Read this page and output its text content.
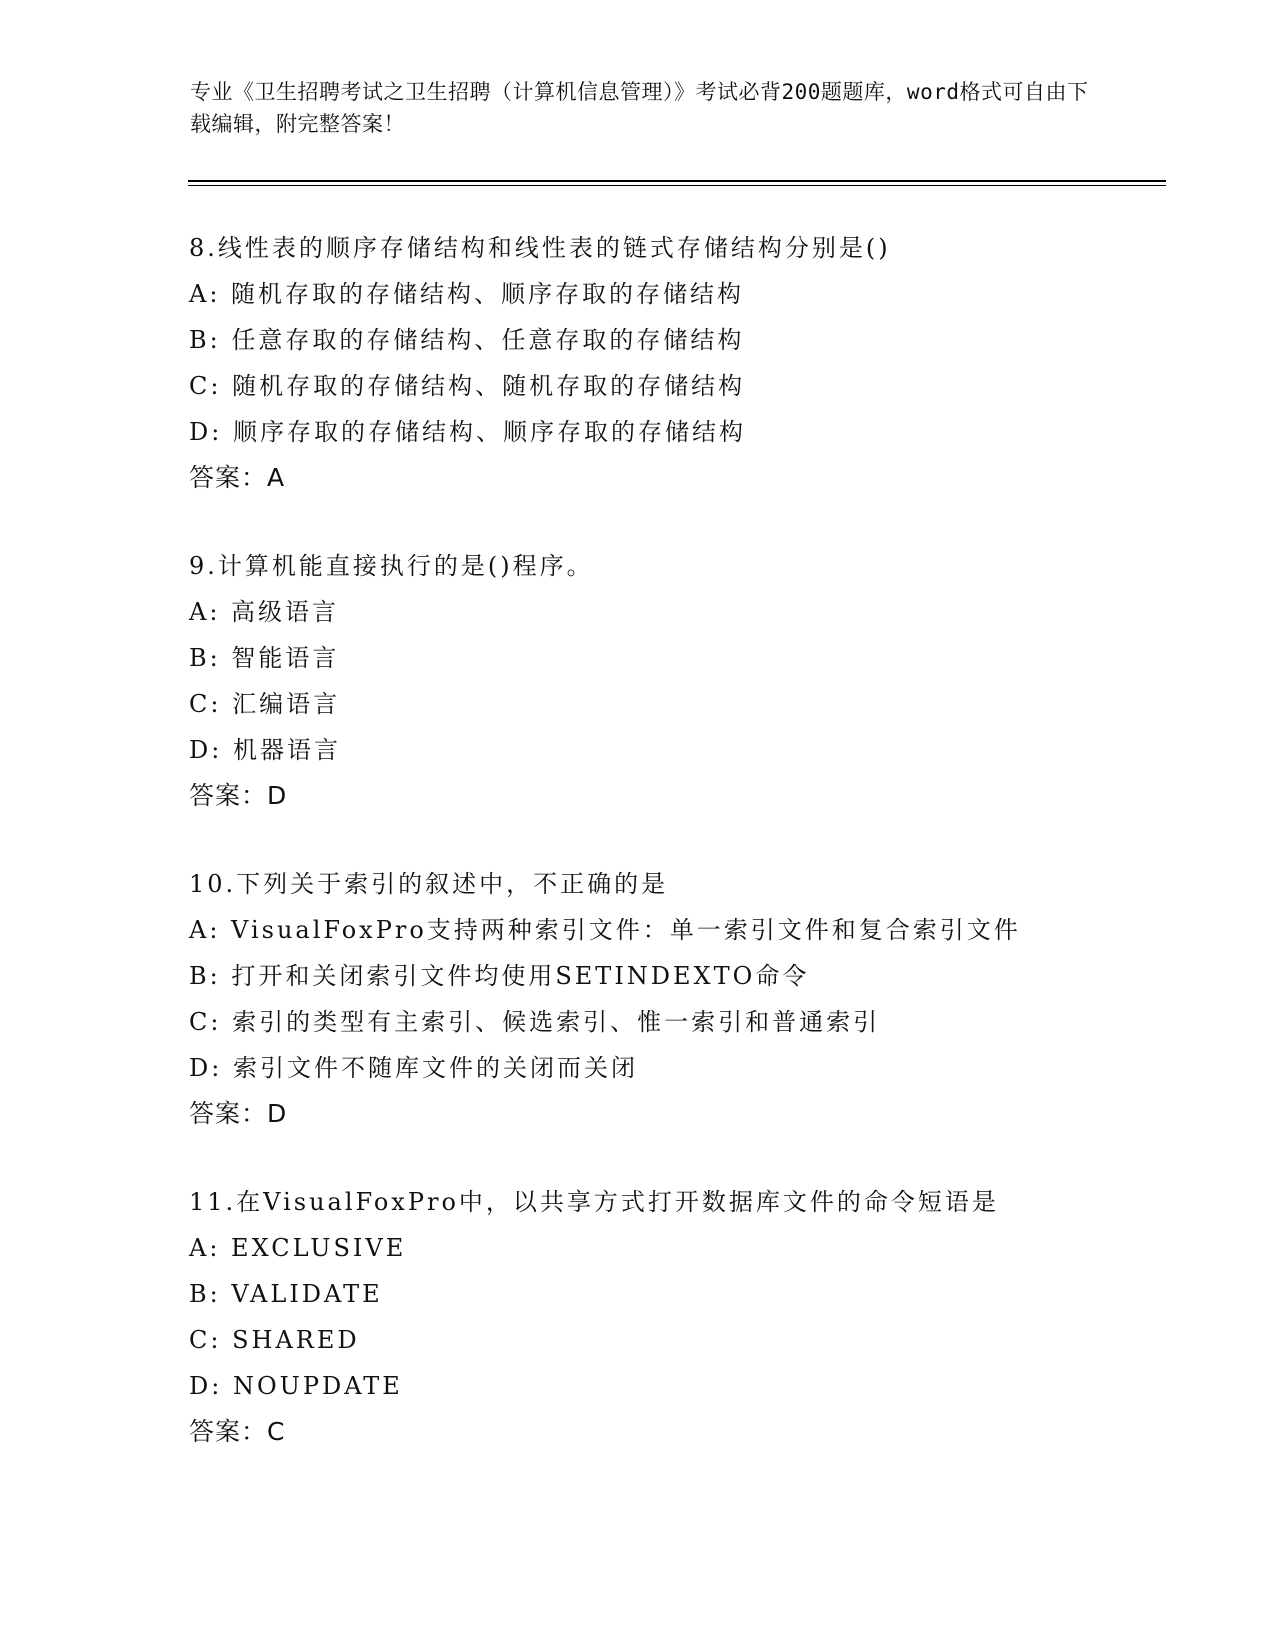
专业《卫生招聘考试之卫生招聘（计算机信息管理）》考试必背200题题库，word格式可自由下载编辑，附完整答案！
8.线性表的顺序存储结构和线性表的链式存储结构分别是()
A: 随机存取的存储结构、顺序存取的存储结构
B: 任意存取的存储结构、任意存取的存储结构
C: 随机存取的存储结构、随机存取的存储结构
D: 顺序存取的存储结构、顺序存取的存储结构
答案：A
9.计算机能直接执行的是()程序。
A: 高级语言
B: 智能语言
C: 汇编语言
D: 机器语言
答案：D
10.下列关于索引的叙述中，不正确的是
A: VisualFoxPro支持两种索引文件：单一索引文件和复合索引文件
B: 打开和关闭索引文件均使用SETINDEXTO命令
C: 索引的类型有主索引、候选索引、惟一索引和普通索引
D: 索引文件不随库文件的关闭而关闭
答案：D
11.在VisualFoxPro中，以共享方式打开数据库文件的命令短语是
A: EXCLUSIVE
B: VALIDATE
C: SHARED
D: NOUPDATE
答案：C
